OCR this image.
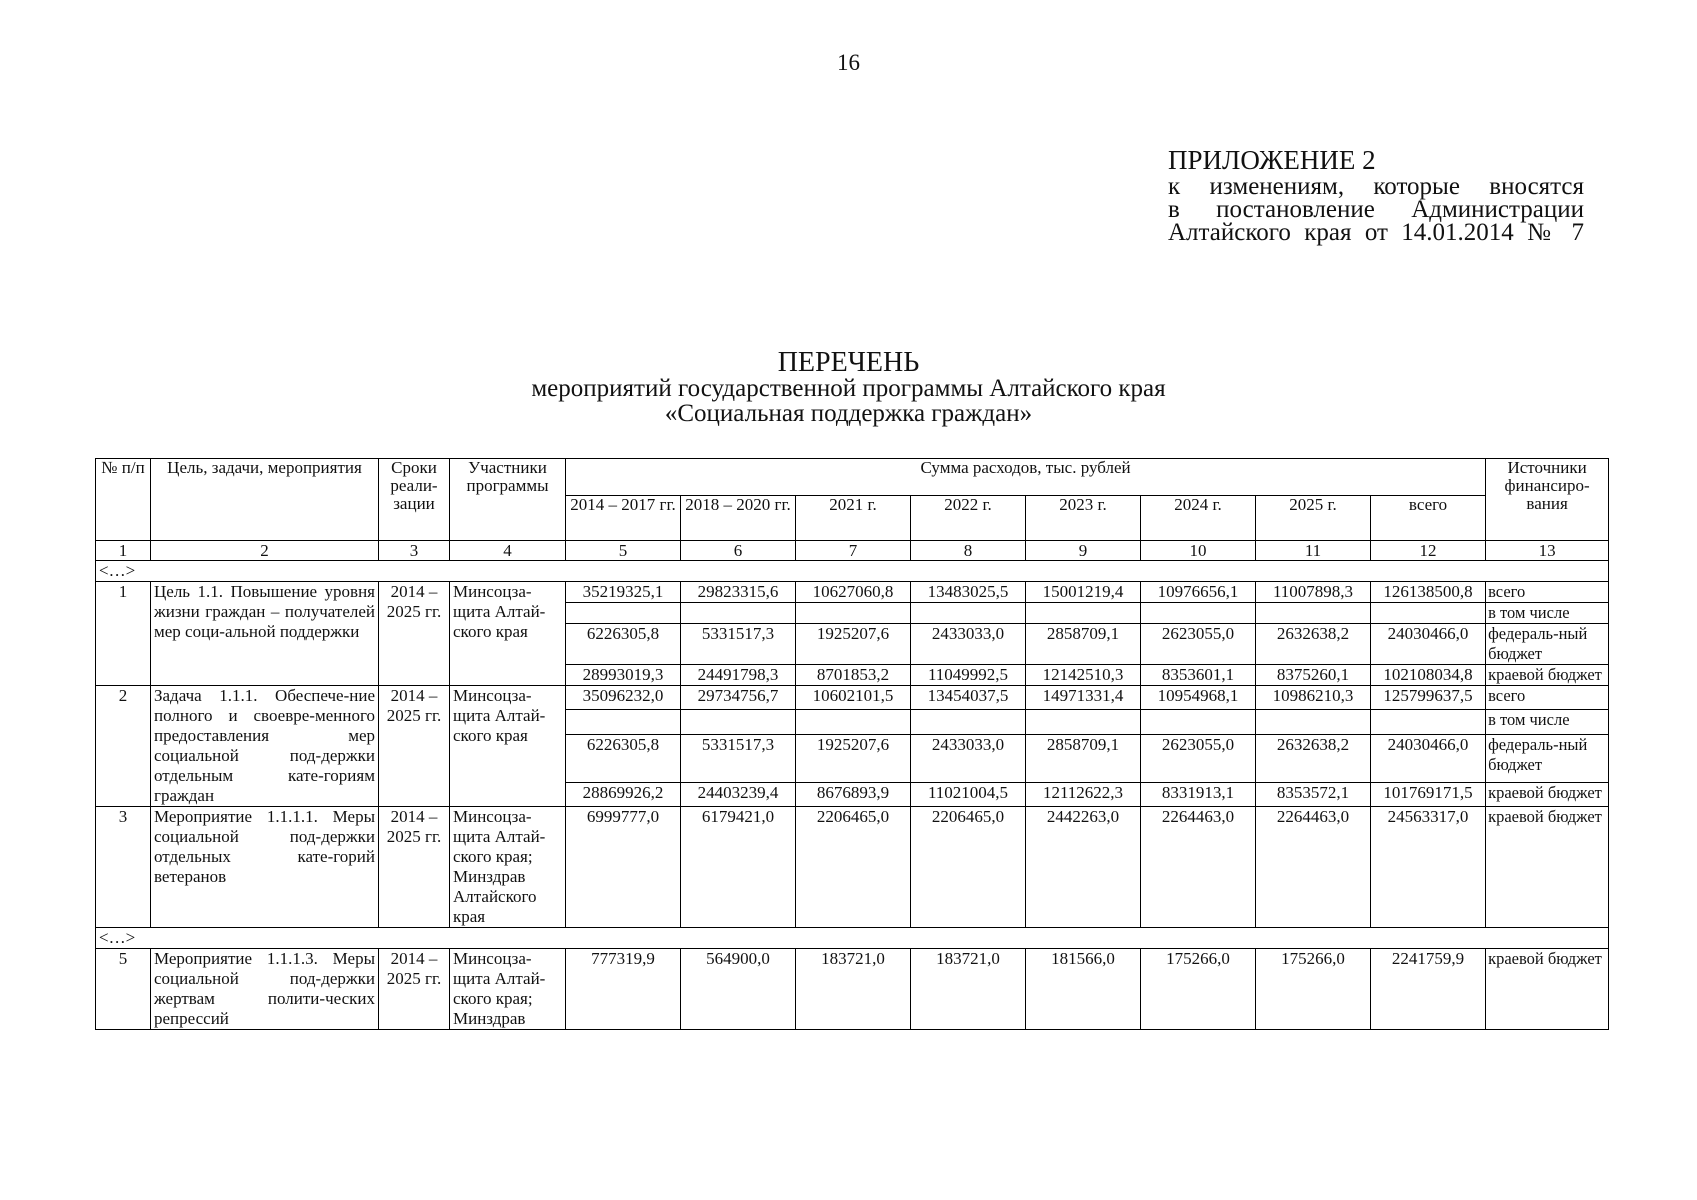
16
ПРИЛОЖЕНИЕ 2
к изменениям, которые вносятся
в постановление Администрации
Алтайского края от 14.01.2014 № 7
ПЕРЕЧЕНЬ
мероприятий государственной программы Алтайского края
«Социальная поддержка граждан»
№ п/п	Цель, задачи, мероприятия	Сроки реали-зации	Участники программы	Сумма расходов, тыс. рублей								Источники финансиро-вания
				2014 – 2017 гг.	2018 – 2020 гг.	2021 г.	2022 г.	2023 г.	2024 г.	2025 г.	всего	
1	2	3	4	5	6	7	8	9	10	11	12	13
<…>												
1	Цель 1.1. Повышение уровня жизни граждан – получателей мер соци-альной поддержки	2014 – 2025 гг.	Минсоцза-щита Алтай-ского края	35219325,1	29823315,6	10627060,8	13483025,5	15001219,4	10976656,1	11007898,3	126138500,8	всего
												в том числе
				6226305,8	5331517,3	1925207,6	2433033,0	2858709,1	2623055,0	2632638,2	24030466,0	федераль-ный бюджет
				28993019,3	24491798,3	8701853,2	11049992,5	12142510,3	8353601,1	8375260,1	102108034,8	краевой бюджет
2	Задача 1.1.1. Обеспече-ние полного и своевре-менного предоставления мер социальной под-держки отдельным кате-гориям граждан	2014 – 2025 гг.	Минсоцза-щита Алтай-ского края	35096232,0	29734756,7	10602101,5	13454037,5	14971331,4	10954968,1	10986210,3	125799637,5	всего
												в том числе
				6226305,8	5331517,3	1925207,6	2433033,0	2858709,1	2623055,0	2632638,2	24030466,0	федераль-ный бюджет
				28869926,2	24403239,4	8676893,9	11021004,5	12112622,3	8331913,1	8353572,1	101769171,5	краевой бюджет
3	Мероприятие 1.1.1.1. Меры социальной под-держки отдельных кате-горий ветеранов	2014 – 2025 гг.	Минсоцза-щита Алтай-ского края; Минздрав Алтайского края	6999777,0	6179421,0	2206465,0	2206465,0	2442263,0	2264463,0	2264463,0	24563317,0	краевой бюджет
<…>												
5	Мероприятие 1.1.1.3. Меры социальной под-держки жертвам полити-ческих репрессий	2014 – 2025 гг.	Минсоцза-щита Алтай-ского края; Минздрав	777319,9	564900,0	183721,0	183721,0	181566,0	175266,0	175266,0	2241759,9	краевой бюджет
